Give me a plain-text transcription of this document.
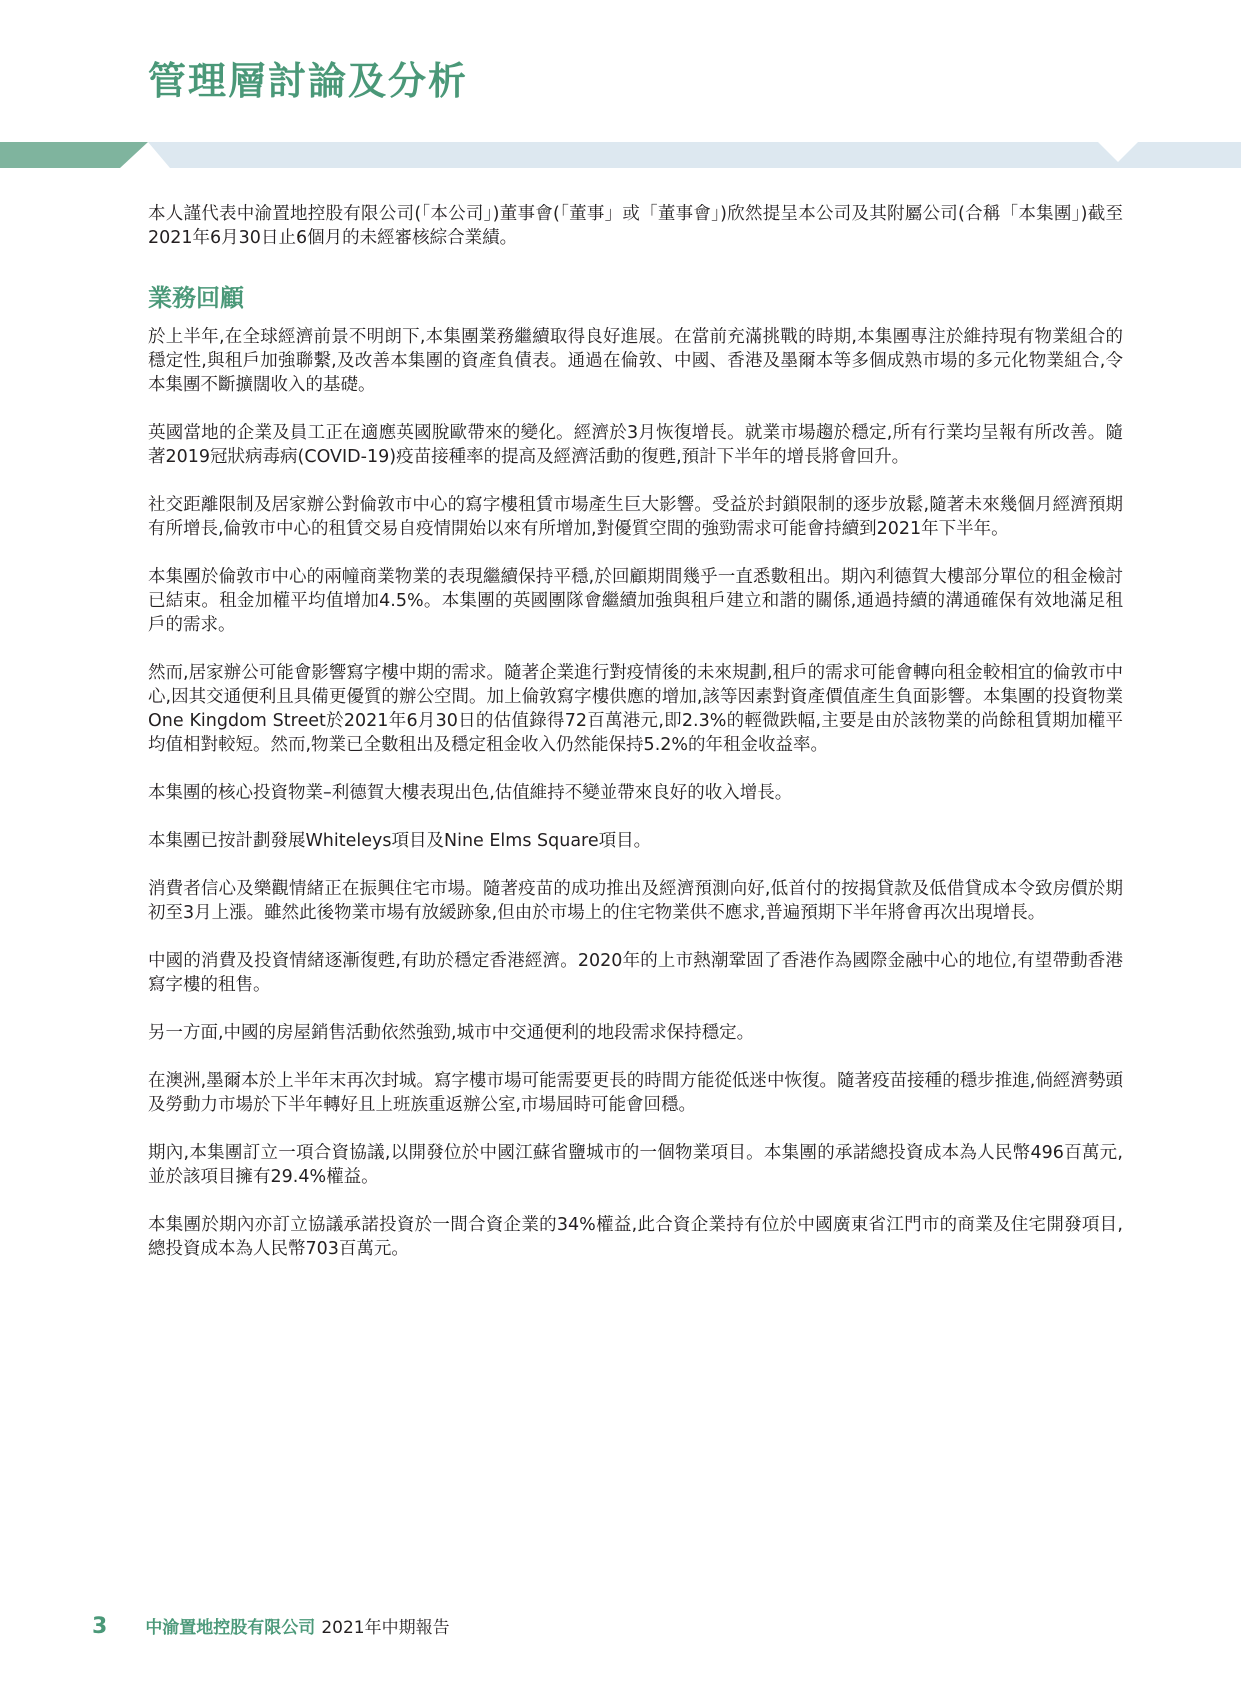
管理層討論及分析

本人謹代表中渝置地控股有限公司(「本公司」)董事會(「董事」或「董事會」)欣然提呈本公司及其附屬公司(合稱「本集團」)截至2021年6月30日止6個月的未經審核綜合業績。

業務回顧

於上半年,在全球經濟前景不明朗下,本集團業務繼續取得良好進展。在當前充滿挑戰的時期,本集團專注於維持現有物業組合的穩定性,與租戶加強聯繫,及改善本集團的資產負債表。通過在倫敦、中國、香港及墨爾本等多個成熟市場的多元化物業組合,令本集團不斷擴闊收入的基礎。

英國當地的企業及員工正在適應英國脫歐帶來的變化。經濟於3月恢復增長。就業市場趨於穩定,所有行業均呈報有所改善。隨著2019冠狀病毒病(COVID-19)疫苗接種率的提高及經濟活動的復甦,預計下半年的增長將會回升。

社交距離限制及居家辦公對倫敦市中心的寫字樓租賃市場產生巨大影響。受益於封鎖限制的逐步放鬆,隨著未來幾個月經濟預期有所增長,倫敦市中心的租賃交易自疫情開始以來有所增加,對優質空間的強勁需求可能會持續到2021年下半年。

本集團於倫敦市中心的兩幢商業物業的表現繼續保持平穩,於回顧期間幾乎一直悉數租出。期內利德賀大樓部分單位的租金檢討已結束。租金加權平均值增加4.5%。本集團的英國團隊會繼續加強與租戶建立和諧的關係,通過持續的溝通確保有效地滿足租戶的需求。

然而,居家辦公可能會影響寫字樓中期的需求。隨著企業進行對疫情後的未來規劃,租戶的需求可能會轉向租金較相宜的倫敦市中心,因其交通便利且具備更優質的辦公空間。加上倫敦寫字樓供應的增加,該等因素對資產價值產生負面影響。本集團的投資物業One Kingdom Street於2021年6月30日的估值錄得72百萬港元,即2.3%的輕微跌幅,主要是由於該物業的尚餘租賃期加權平均值相對較短。然而,物業已全數租出及穩定租金收入仍然能保持5.2%的年租金收益率。

本集團的核心投資物業–利德賀大樓表現出色,估值維持不變並帶來良好的收入增長。

本集團已按計劃發展Whiteleys項目及Nine Elms Square項目。

消費者信心及樂觀情緒正在振興住宅市場。隨著疫苗的成功推出及經濟預測向好,低首付的按揭貸款及低借貸成本令致房價於期初至3月上漲。雖然此後物業市場有放緩跡象,但由於市場上的住宅物業供不應求,普遍預期下半年將會再次出現增長。

中國的消費及投資情緒逐漸復甦,有助於穩定香港經濟。2020年的上市熱潮鞏固了香港作為國際金融中心的地位,有望帶動香港寫字樓的租售。

另一方面,中國的房屋銷售活動依然強勁,城市中交通便利的地段需求保持穩定。

在澳洲,墨爾本於上半年末再次封城。寫字樓市場可能需要更長的時間方能從低迷中恢復。隨著疫苗接種的穩步推進,倘經濟勢頭及勞動力市場於下半年轉好且上班族重返辦公室,市場屆時可能會回穩。

期內,本集團訂立一項合資協議,以開發位於中國江蘇省鹽城市的一個物業項目。本集團的承諾總投資成本為人民幣496百萬元,並於該項目擁有29.4%權益。

本集團於期內亦訂立協議承諾投資於一間合資企業的34%權益,此合資企業持有位於中國廣東省江門市的商業及住宅開發項目,總投資成本為人民幣703百萬元。

3 中渝置地控股有限公司 2021年中期報告
